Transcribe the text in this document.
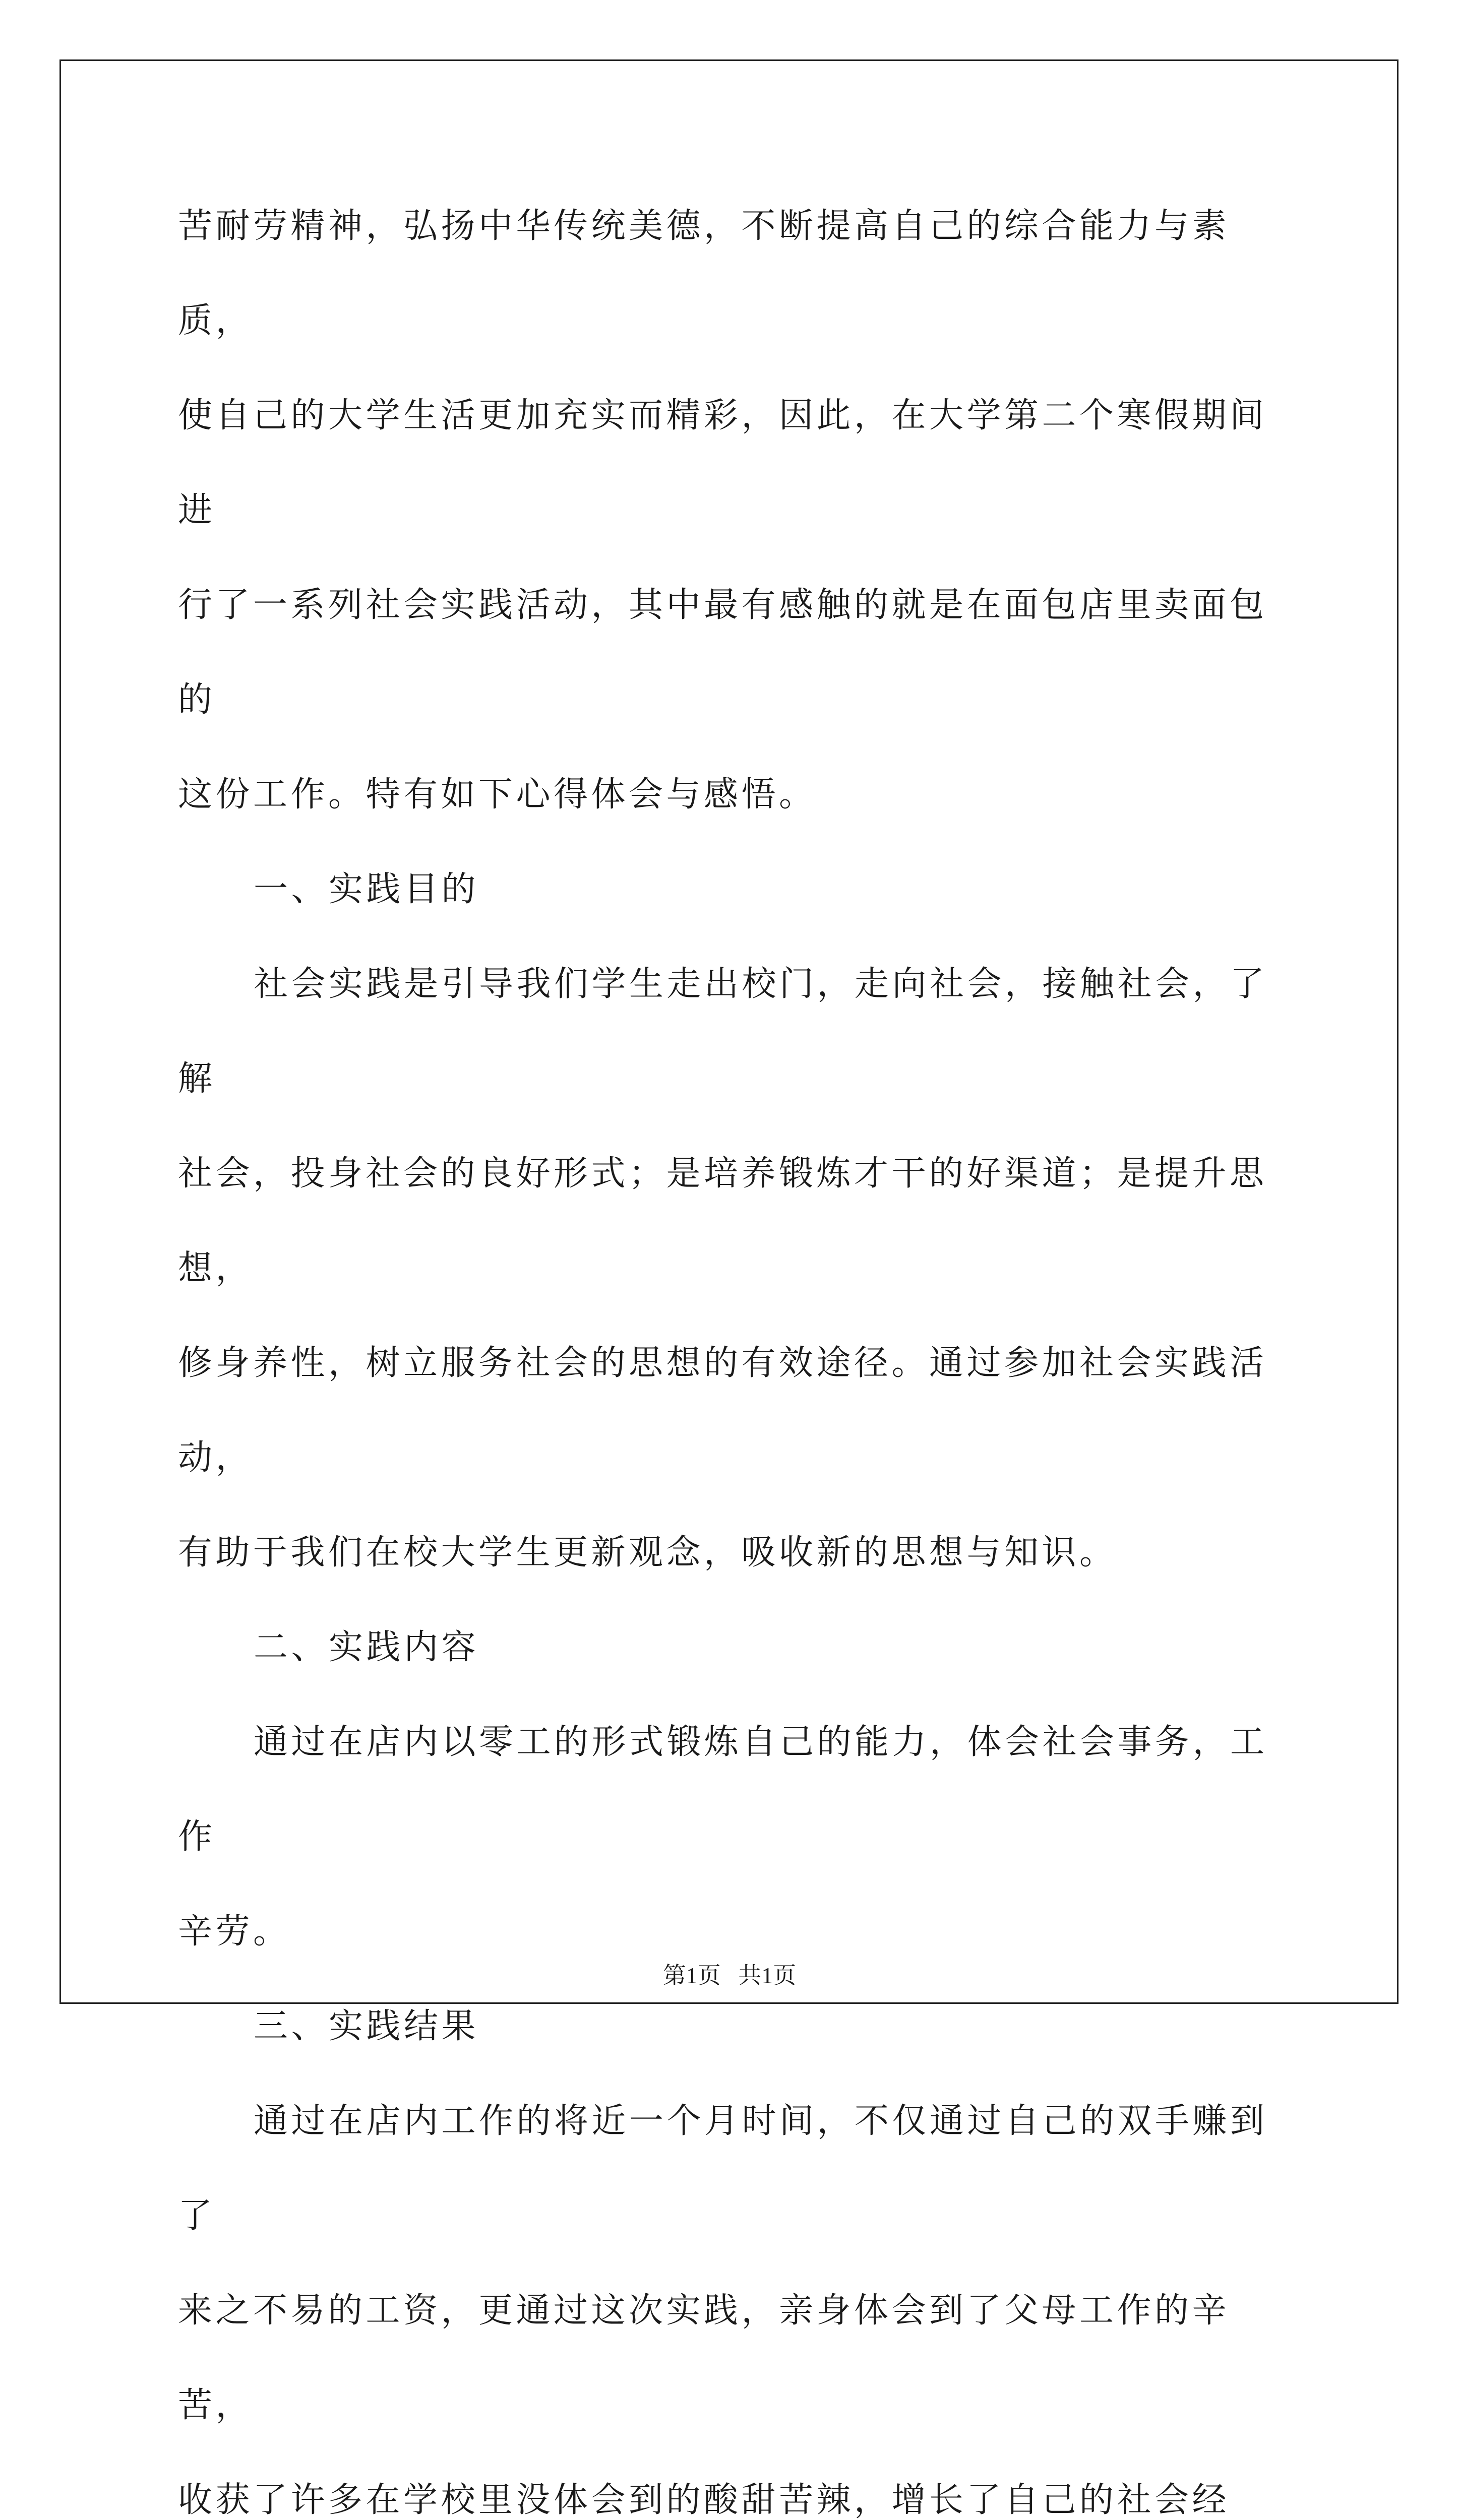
苦耐劳精神，弘扬中华传统美德，不断提高自己的综合能力与素质，
使自己的大学生活更加充实而精彩，因此，在大学第二个寒假期间进
行了一系列社会实践活动，其中最有感触的就是在面包店里卖面包的
这份工作。特有如下心得体会与感悟。
一、实践目的
社会实践是引导我们学生走出校门，走向社会，接触社会，了解
社会，投身社会的良好形式；是培养锻炼才干的好渠道；是提升思想，
修身养性，树立服务社会的思想的有效途径。通过参加社会实践活动，
有助于我们在校大学生更新观念，吸收新的思想与知识。
二、实践内容
通过在店内以零工的形式锻炼自己的能力，体会社会事务，工作
辛劳。
三、实践结果
通过在店内工作的将近一个月时间，不仅通过自己的双手赚到了
来之不易的工资，更通过这次实践，亲身体会到了父母工作的辛苦，
收获了许多在学校里没体会到的酸甜苦辣，增长了自己的社会经
第1页 共1页
